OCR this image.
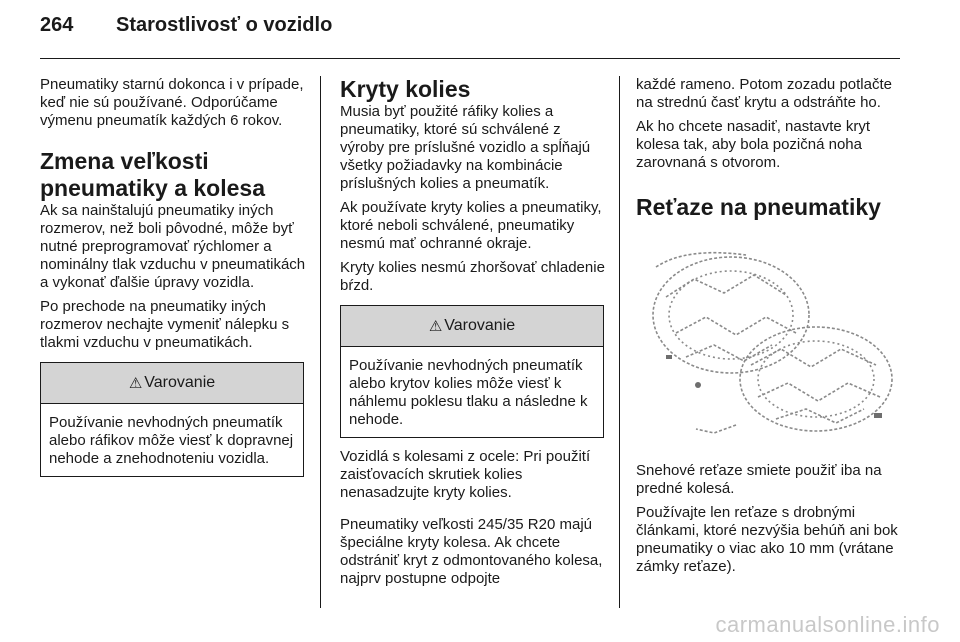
264	Starostlivosť o vozidlo

Pneumatiky starnú dokonca i v prípade, keď nie sú používané. Odporúčame výmenu pneumatík každých 6 rokov.

Zmena veľkosti pneumatiky a kolesa

Ak sa nainštalujú pneumatiky iných rozmerov, než boli pôvodné, môže byť nutné preprogramovať rýchlomer a nominálny tlak vzduchu v pneumatikách a vykonať ďalšie úpravy vozidla.

Po prechode na pneumatiky iných rozmerov nechajte vymeniť nálepku s tlakmi vzduchu v pneumatikách.

⚠ Varovanie

Používanie nevhodných pneumatík alebo ráfikov môže viesť k dopravnej nehode a znehodnoteniu vozidla.

Kryty kolies

Musia byť použité ráfiky kolies a pneumatiky, ktoré sú schválené z výroby pre príslušné vozidlo a spĺňajú všetky požiadavky na kombinácie príslušných kolies a pneumatík.

Ak používate kryty kolies a pneumatiky, ktoré neboli schválené, pneumatiky nesmú mať ochranné okraje.

Kryty kolies nesmú zhoršovať chladenie bŕzd.

⚠ Varovanie

Používanie nevhodných pneumatík alebo krytov kolies môže viesť k náhlemu poklesu tlaku a následne k nehode.

Vozidlá s kolesami z ocele: Pri použití zaisťovacích skrutiek kolies nenasadzujte kryty kolies.

Pneumatiky veľkosti 245/35 R20 majú špeciálne kryty kolesa. Ak chcete odstrániť kryt z odmontovaného kolesa, najprv postupne odpojte

každé rameno. Potom zozadu potlačte na strednú časť krytu a odstráňte ho.

Ak ho chcete nasadiť, nastavte kryt kolesa tak, aby bola pozičná noha zarovnaná s otvorom.

Reťaze na pneumatiky

Snehové reťaze smiete použiť iba na predné kolesá.

Používajte len reťaze s drobnými článkami, ktoré nezvýšia behúň ani bok pneumatiky o viac ako 10 mm (vrátane zámky reťaze).

carmanualsonline.info
